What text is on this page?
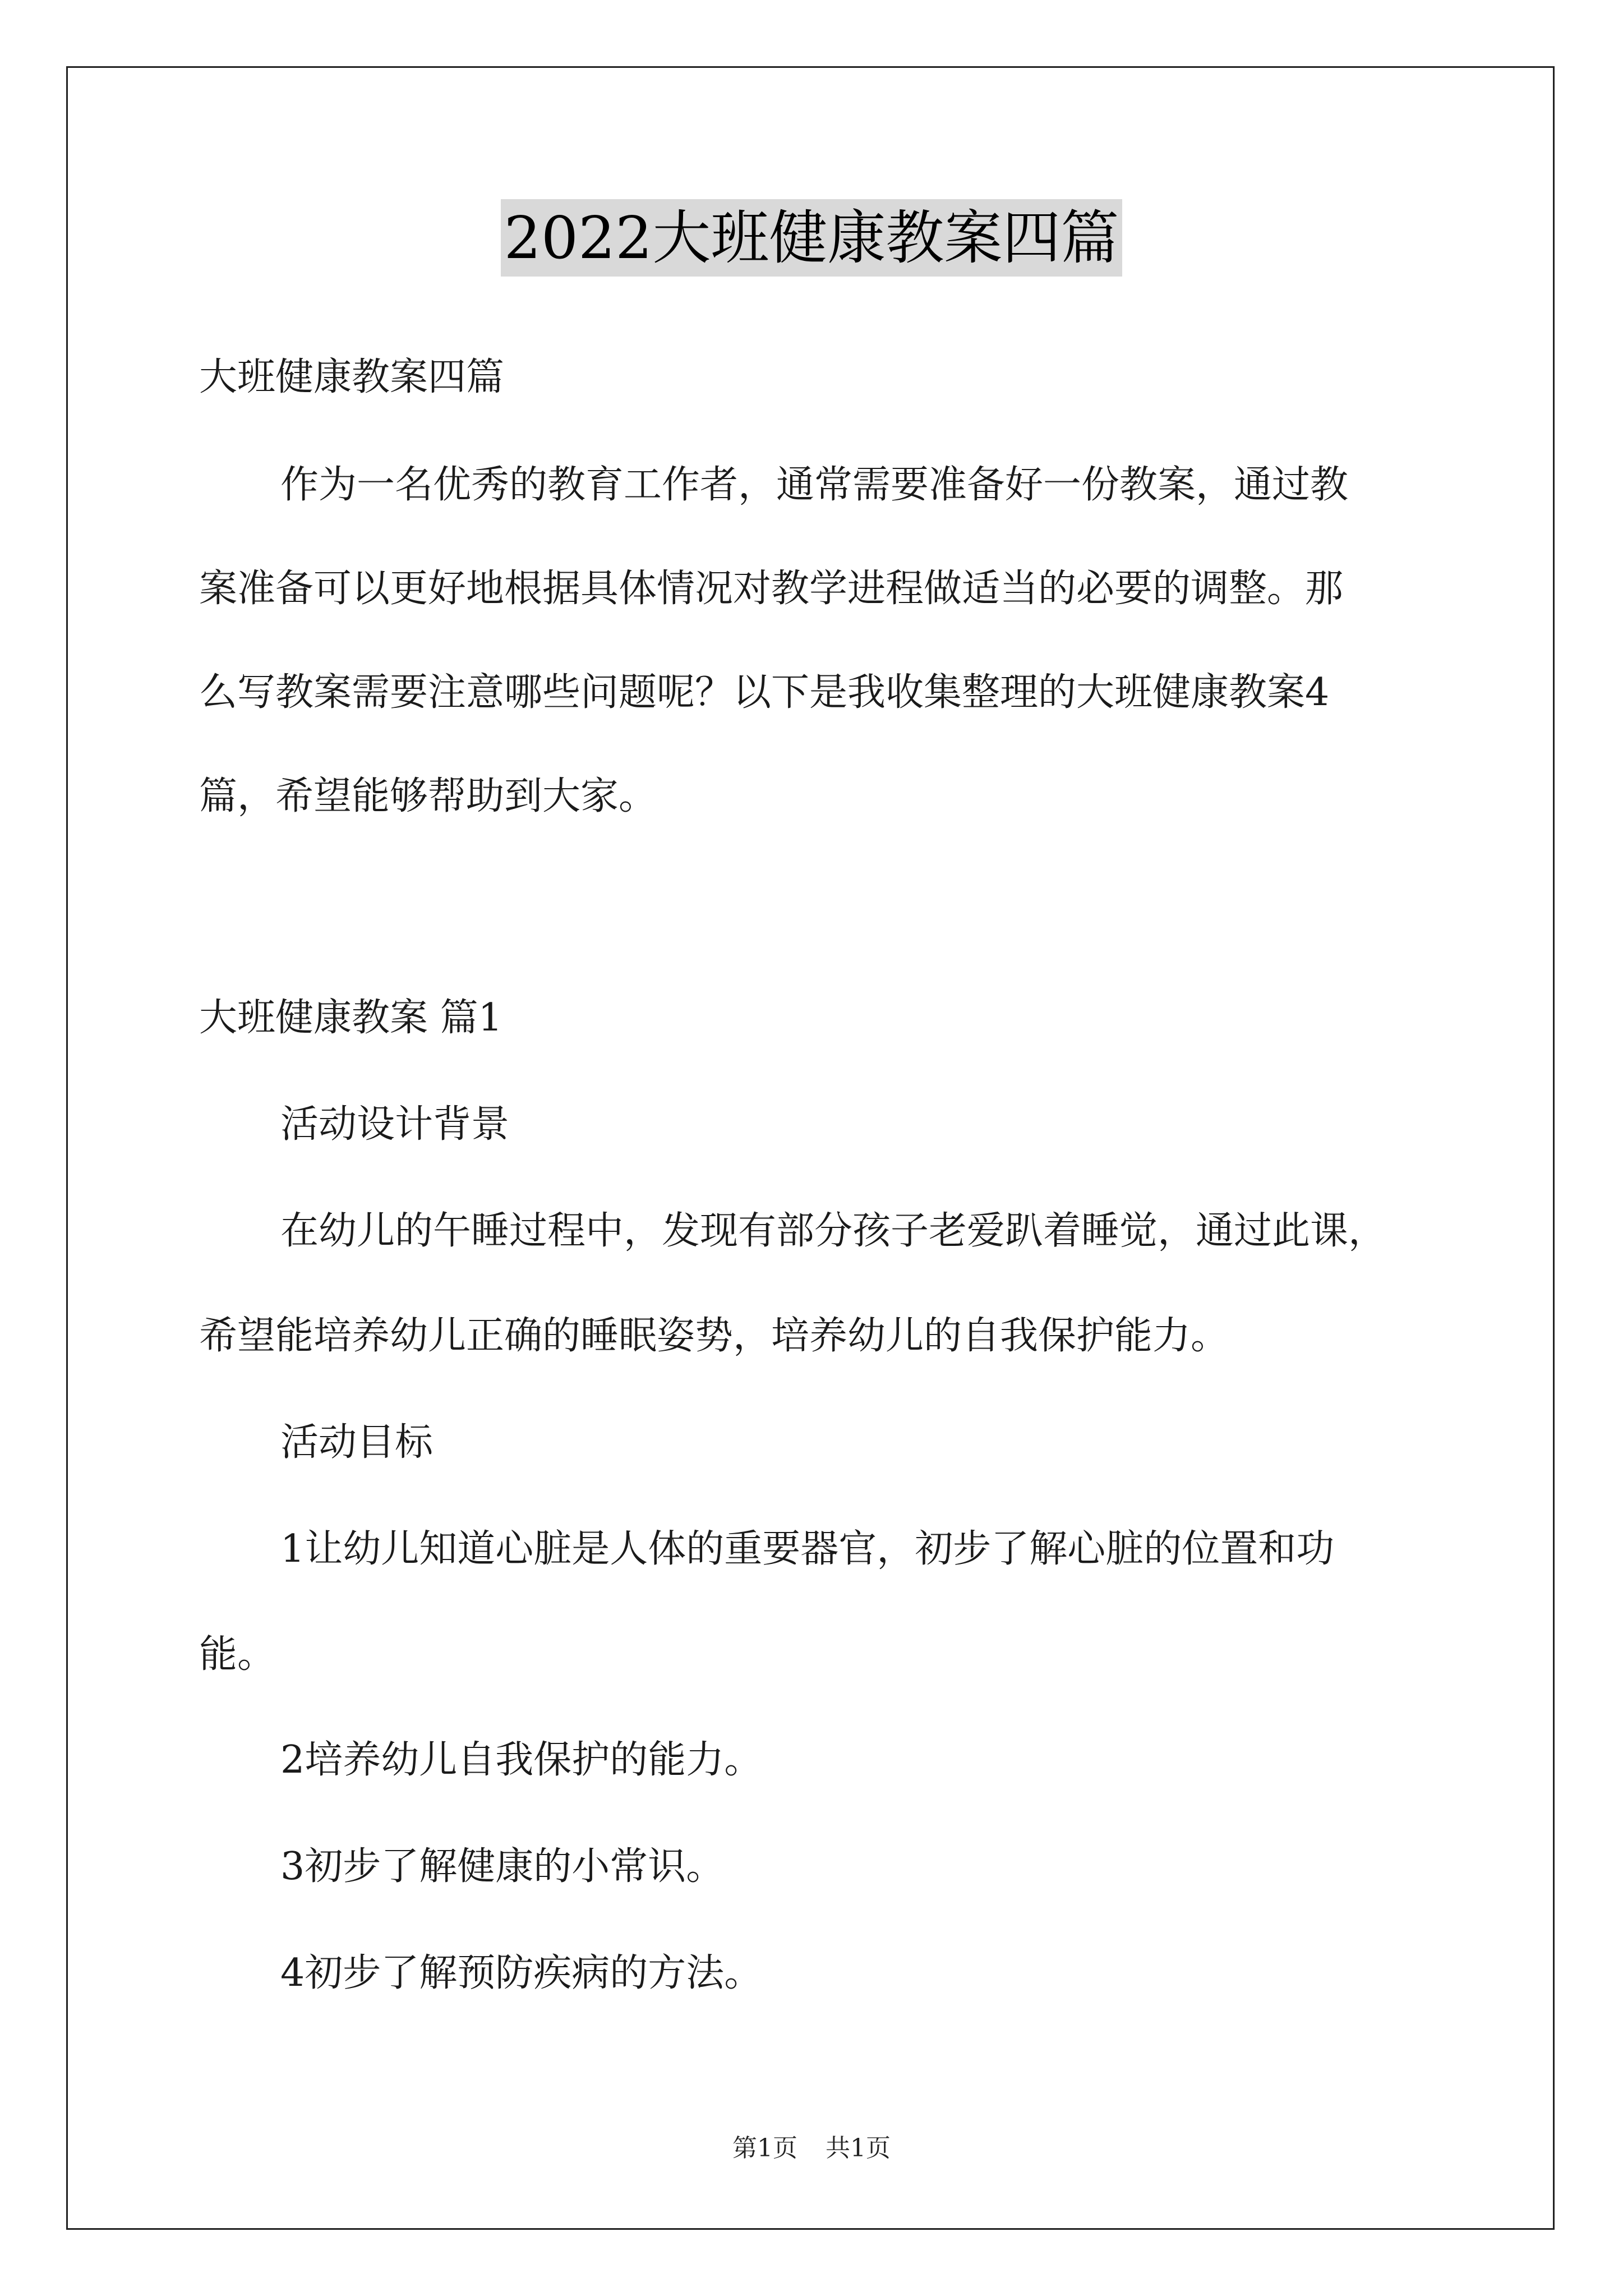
2022大班健康教案四篇
大班健康教案四篇
作为一名优秀的教育工作者，通常需要准备好一份教案，通过教
案准备可以更好地根据具体情况对教学进程做适当的必要的调整。那
么写教案需要注意哪些问题呢？以下是我收集整理的大班健康教案4
篇，希望能够帮助到大家。
大班健康教案 篇1
活动设计背景
在幼儿的午睡过程中，发现有部分孩子老爱趴着睡觉，通过此课，
希望能培养幼儿正确的睡眠姿势，培养幼儿的自我保护能力。
活动目标
1让幼儿知道心脏是人体的重要器官，初步了解心脏的位置和功
能。
2培养幼儿自我保护的能力。
3初步了解健康的小常识。
4初步了解预防疾病的方法。
第1页 共1页
